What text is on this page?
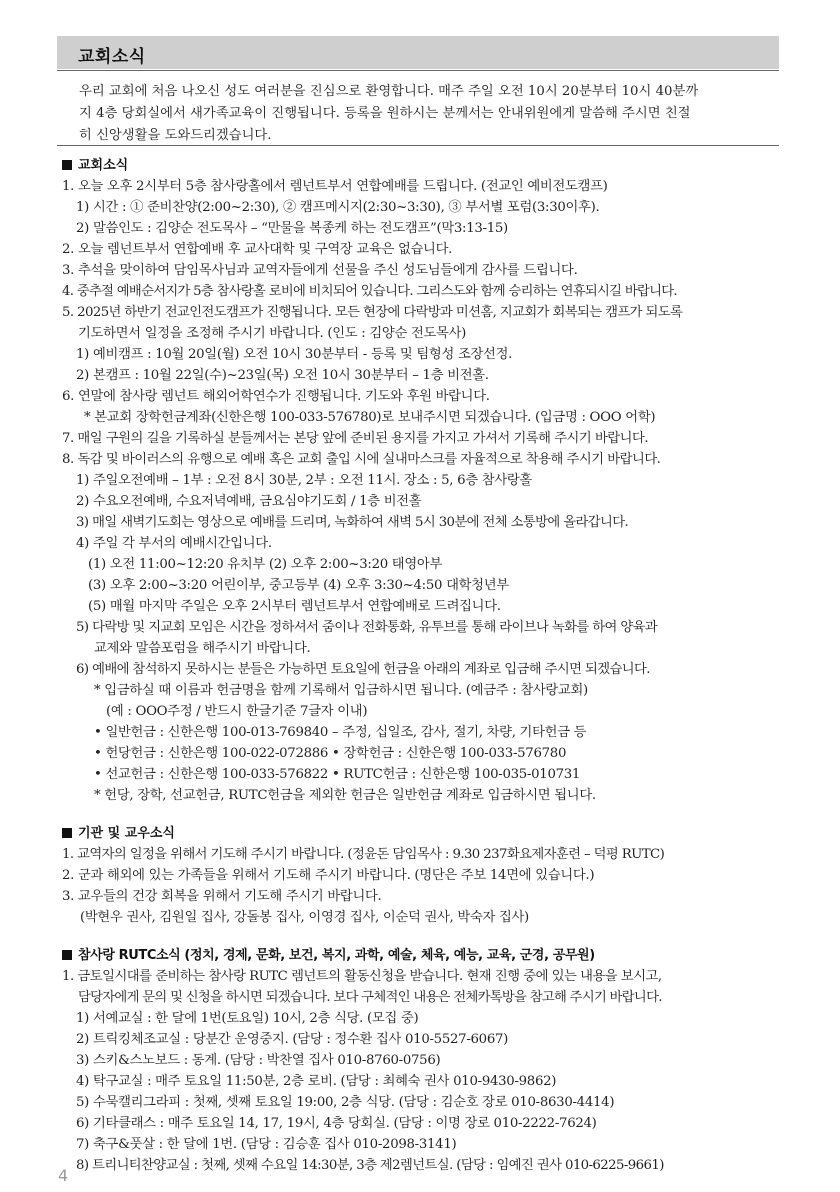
교회소식
우리 교회에 처음 나오신 성도 여러분을 진심으로 환영합니다. 매주 주일 오전 10시 20분부터 10시 40분까
지 4층 당회실에서 새가족교육이 진행됩니다. 등록을 원하시는 분께서는 안내위원에게 말씀해 주시면 친절
히 신앙생활을 도와드리겠습니다.
교회소식
1. 오늘 오후 2시부터 5층 참사랑홀에서 렘넌트부서 연합예배를 드립니다. (전교인 예비전도캠프)
1) 시간 : ① 준비찬양(2:00~2:30), ② 캠프메시지(2:30~3:30), ③ 부서별 포럼(3:30이후).
2) 말씀인도 : 김양순 전도목사 – “만물을 복종케 하는 전도캠프”(막3:13-15)
2. 오늘 렘넌트부서 연합예배 후 교사대학 및 구역장 교육은 없습니다.
3. 추석을 맞이하여 담임목사님과 교역자들에게 선물을 주신 성도님들에게 감사를 드립니다.
4. 중추절 예배순서지가 5층 참사랑홀 로비에 비치되어 있습니다. 그리스도와 함께 승리하는 연휴되시길 바랍니다.
5. 2025년 하반기 전교인전도캠프가 진행됩니다. 모든 현장에 다락방과 미션홈, 지교회가 회복되는 캠프가 되도록
기도하면서 일정을 조정해 주시기 바랍니다. (인도 : 김양순 전도목사)
1) 예비캠프 : 10월 20일(월) 오전 10시 30분부터 - 등록 및 팀형성 조장선정.
2) 본캠프 : 10월 22일(수)~23일(목) 오전 10시 30분부터 – 1층 비전홀.
6. 연말에 참사랑 렘넌트 해외어학연수가 진행됩니다. 기도와 후원 바랍니다.
* 본교회 장학헌금계좌(신한은행 100-033-576780)로 보내주시면 되겠습니다. (입금명 : OOO 어학)
7. 매일 구원의 길을 기록하실 분들께서는 본당 앞에 준비된 용지를 가지고 가셔서 기록해 주시기 바랍니다.
8. 독감 및 바이러스의 유행으로 예배 혹은 교회 출입 시에 실내마스크를 자율적으로 착용해 주시기 바랍니다.
1) 주일오전예배 – 1부 : 오전 8시 30분, 2부 : 오전 11시. 장소 : 5, 6층 참사랑홀
2) 수요오전예배, 수요저녁예배, 금요심야기도회 / 1층 비전홀
3) 매일 새벽기도회는 영상으로 예배를 드리며, 녹화하여 새벽 5시 30분에 전체 소통방에 올라갑니다.
4) 주일 각 부서의 예배시간입니다.
(1) 오전 11:00~12:20 유치부 (2) 오후 2:00~3:20 태영아부
(3) 오후 2:00~3:20 어린이부, 중고등부 (4) 오후 3:30~4:50 대학청년부
(5) 매월 마지막 주일은 오후 2시부터 렘넌트부서 연합예배로 드려집니다.
5) 다락방 및 지교회 모임은 시간을 정하셔서 줌이나 전화통화, 유투브를 통해 라이브나 녹화를 하여 양육과
교제와 말씀포럼을 해주시기 바랍니다.
6) 예배에 참석하지 못하시는 분들은 가능하면 토요일에 헌금을 아래의 계좌로 입금해 주시면 되겠습니다.
* 입금하실 때 이름과 헌금명을 함께 기록해서 입금하시면 됩니다. (예금주 : 참사랑교회)
(예 : OOO주정 / 반드시 한글기준 7글자 이내)
• 일반헌금 : 신한은행 100-013-769840 – 주정, 십일조, 감사, 절기, 차량, 기타헌금 등
• 헌당헌금 : 신한은행 100-022-072886 • 장학헌금 : 신한은행 100-033-576780
• 선교헌금 : 신한은행 100-033-576822 • RUTC헌금 : 신한은행 100-035-010731
* 헌당, 장학, 선교헌금, RUTC헌금을 제외한 헌금은 일반헌금 계좌로 입금하시면 됩니다.
기관 및 교우소식
1. 교역자의 일정을 위해서 기도해 주시기 바랍니다. (정윤돈 담임목사 : 9.30 237화요제자훈련 – 덕평 RUTC)
2. 군과 해외에 있는 가족들을 위해서 기도해 주시기 바랍니다. (명단은 주보 14면에 있습니다.)
3. 교우들의 건강 회복을 위해서 기도해 주시기 바랍니다.
(박현우 권사, 김원일 집사, 강돌봉 집사, 이영경 집사, 이순덕 권사, 박숙자 집사)
참사랑 RUTC소식 (정치, 경제, 문화, 보건, 복지, 과학, 예술, 체육, 예능, 교육, 군경, 공무원)
1. 금토일시대를 준비하는 참사랑 RUTC 렘넌트의 활동신청을 받습니다. 현재 진행 중에 있는 내용을 보시고,
담당자에게 문의 및 신청을 하시면 되겠습니다. 보다 구체적인 내용은 전체카톡방을 참고해 주시기 바랍니다.
1) 서예교실 : 한 달에 1번(토요일) 10시, 2층 식당. (모집 중)
2) 트릭킹체조교실 : 당분간 운영중지. (담당 : 정수환 집사 010-5527-6067)
3) 스키&스노보드 : 동계. (담당 : 박찬열 집사 010-8760-0756)
4) 탁구교실 : 매주 토요일 11:50분, 2층 로비. (담당 : 최혜숙 권사 010-9430-9862)
5) 수묵캘리그라피 : 첫째, 셋째 토요일 19:00, 2층 식당. (담당 : 김순호 장로 010-8630-4414)
6) 기타클래스 : 매주 토요일 14, 17, 19시, 4층 당회실. (담당 : 이명 장로 010-2222-7624)
7) 축구&풋살 : 한 달에 1번. (담당 : 김승훈 집사 010-2098-3141)
8) 트리니티찬양교실 : 첫째, 셋째 수요일 14:30분, 3층 제2렘넌트실. (담당 : 임예진 권사 010-6225-9661)
4
